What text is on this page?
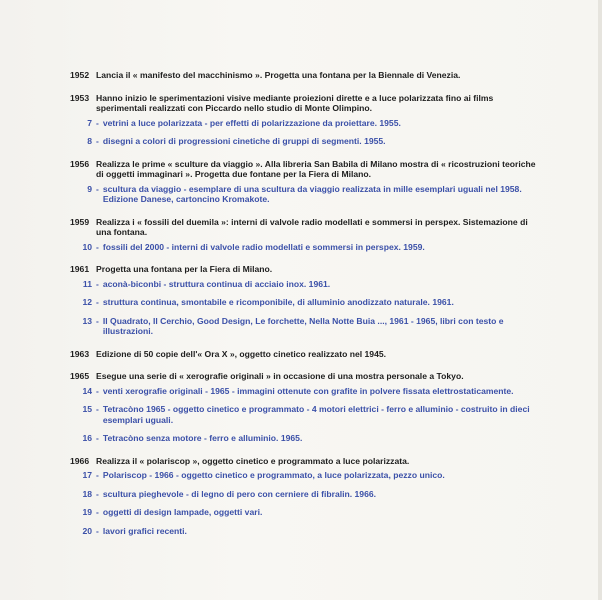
1952 Lancia il « manifesto del macchinismo ». Progetta una fontana per la Biennale di Venezia.
1953 Hanno inizio le sperimentazioni visive mediante proiezioni dirette e a luce polarizzata fino ai films sperimentali realizzati con Piccardo nello studio di Monte Olimpino.
7 - vetrini a luce polarizzata - per effetti di polarizzazione da proiettare. 1955.
8 - disegni a colori di progressioni cinetiche di gruppi di segmenti. 1955.
1956 Realizza le prime « sculture da viaggio ». Alla libreria San Babila di Milano mostra di « ricostruzioni teoriche di oggetti immaginari ». Progetta due fontane per la Fiera di Milano.
9 - scultura da viaggio - esemplare di una scultura da viaggio realizzata in mille esemplari uguali nel 1958. Edizione Danese, cartoncino Kromakote.
1959 Realizza i « fossili del duemila »: interni di valvole radio modellati e sommersi in perspex. Sistemazione di una fontana.
10 - fossili del 2000 - interni di valvole radio modellati e sommersi in perspex. 1959.
1961 Progetta una fontana per la Fiera di Milano.
11 - aconà-biconbi - struttura continua di acciaio inox. 1961.
12 - struttura continua, smontabile e ricomponibile, di alluminio anodizzato naturale. 1961.
13 - Il Quadrato, Il Cerchio, Good Design, Le forchette, Nella Notte Buia ..., 1961 - 1965, libri con testo e illustrazioni.
1963 Edizione di 50 copie dell'« Ora X », oggetto cinetico realizzato nel 1945.
1965 Esegue una serie di « xerografie originali » in occasione di una mostra personale a Tokyo.
14 - venti xerografie originali - 1965 - immagini ottenute con grafite in polvere fissata elettrostaticamente.
15 - Tetracòno 1965 - oggetto cinetico e programmato - 4 motori elettrici - ferro e alluminio - costruito in dieci esemplari uguali.
16 - Tetracòno senza motore - ferro e alluminio. 1965.
1966 Realizza il « polariscop », oggetto cinetico e programmato a luce polarizzata.
17 - Polariscop - 1966 - oggetto cinetico e programmato, a luce polarizzata, pezzo unico.
18 - scultura pieghevole - di legno di pero con cerniere di fibralin. 1966.
19 - oggetti di design lampade, oggetti vari.
20 - lavori grafici recenti.
